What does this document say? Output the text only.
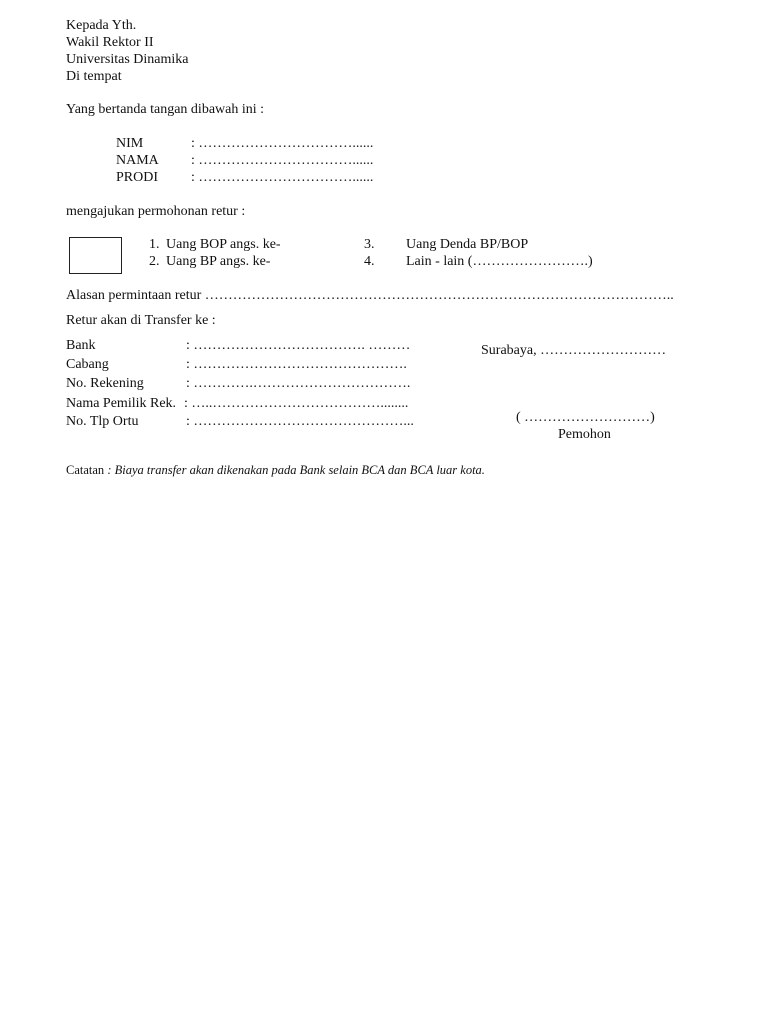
Kepada Yth.
Wakil Rektor II
Universitas Dinamika
Di tempat
Yang bertanda tangan dibawah ini :
NIM	: ……………………………......
NAMA : ……………………………......
PRODI : ……………………………......
mengajukan permohonan retur :
1. Uang BOP angs. ke-
2. Uang BP angs. ke-
3. Uang Denda BP/BOP
4. Lain - lain (…………………….)
Alasan permintaan retur ………………………………………………………………………………………..
Retur akan di Transfer ke :
Bank	: ………………………………. ………
Cabang	: ……………………………………….
No. Rekening	: ………….…………………………….
Nama Pemilik Rek. : …..………………………………........
No. Tlp Ortu	: ………………………………………...
Surabaya, ………………………
( ………………………)
Pemohon
Catatan : Biaya transfer akan dikenakan pada Bank selain BCA dan BCA luar kota.
